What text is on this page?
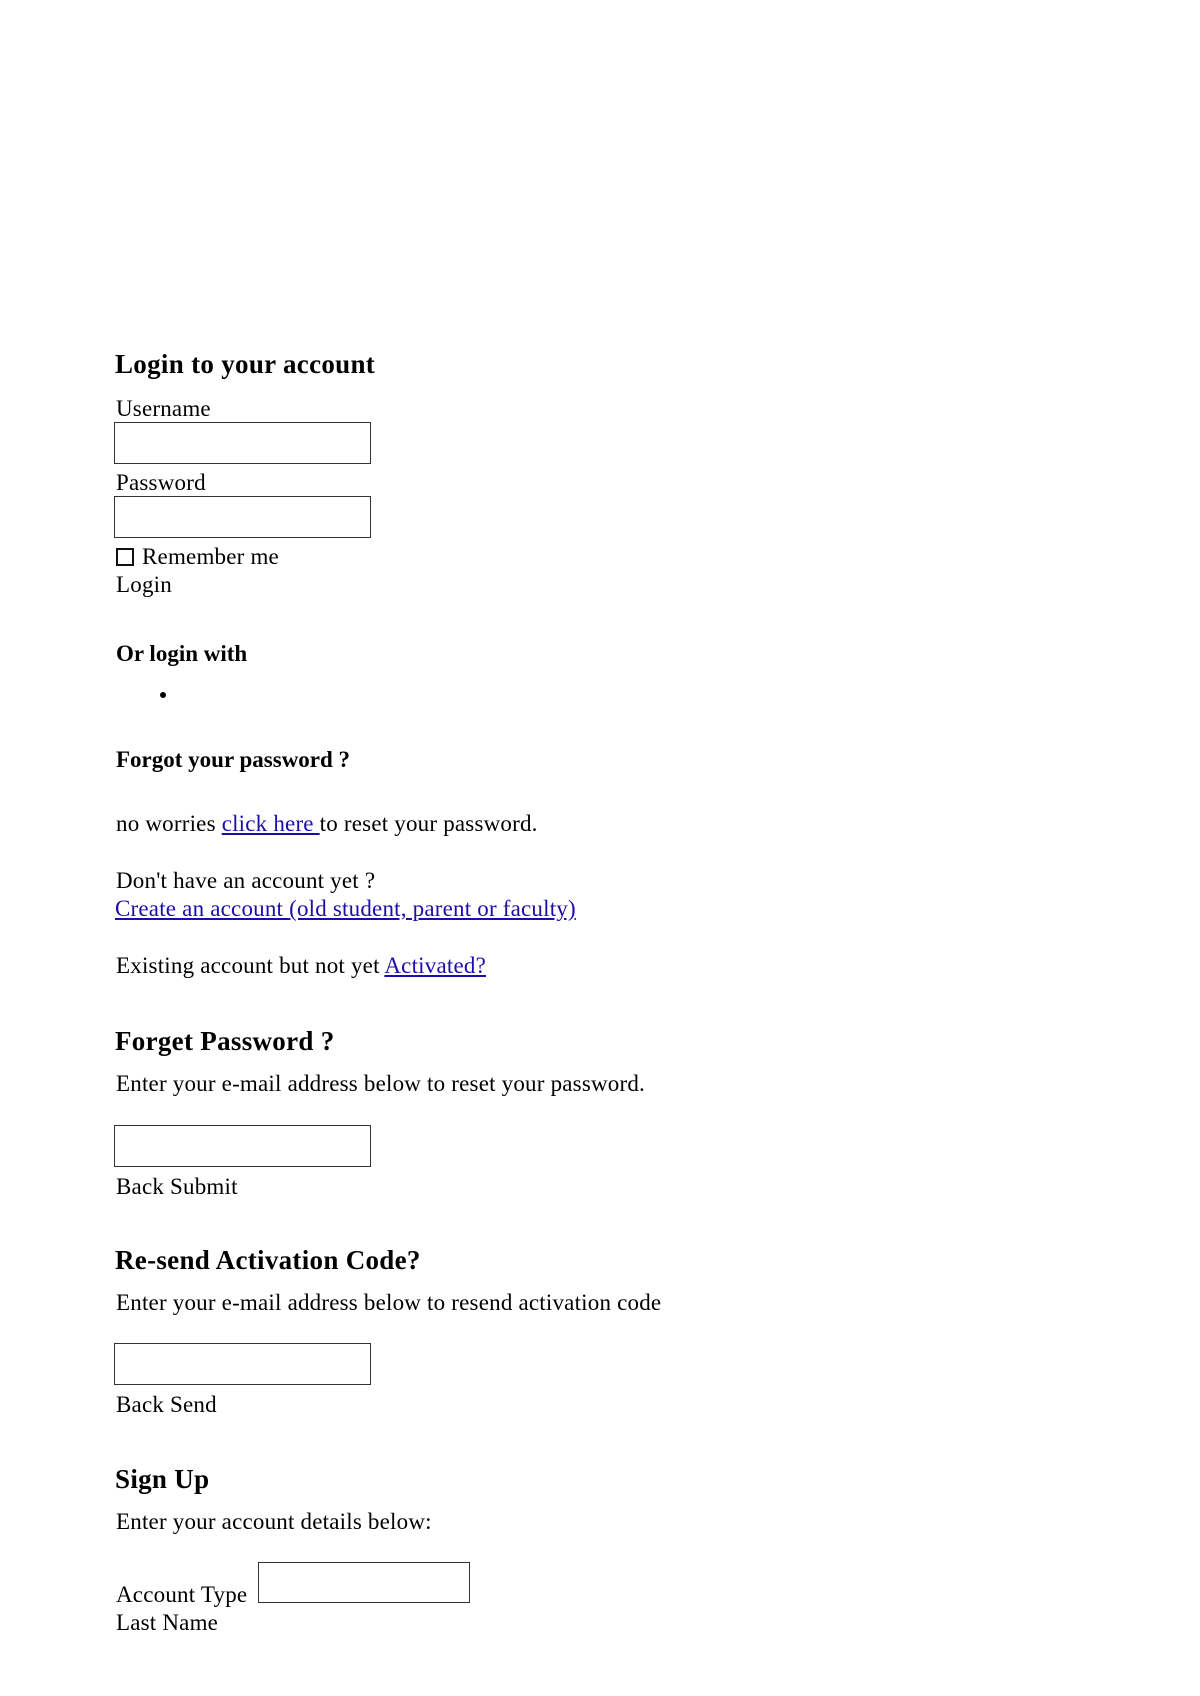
Login to your account
Username
Password
Remember me
Login
Or login with
Forgot your password ?
no worries click here to reset your password.
Don't have an account yet ?
Create an account (old student, parent or faculty)
Existing account but not yet Activated?
Forget Password ?
Enter your e-mail address below to reset your password.
Back Submit
Re-send Activation Code?
Enter your e-mail address below to resend activation code
Back Send
Sign Up
Enter your account details below:
Account Type
Last Name
